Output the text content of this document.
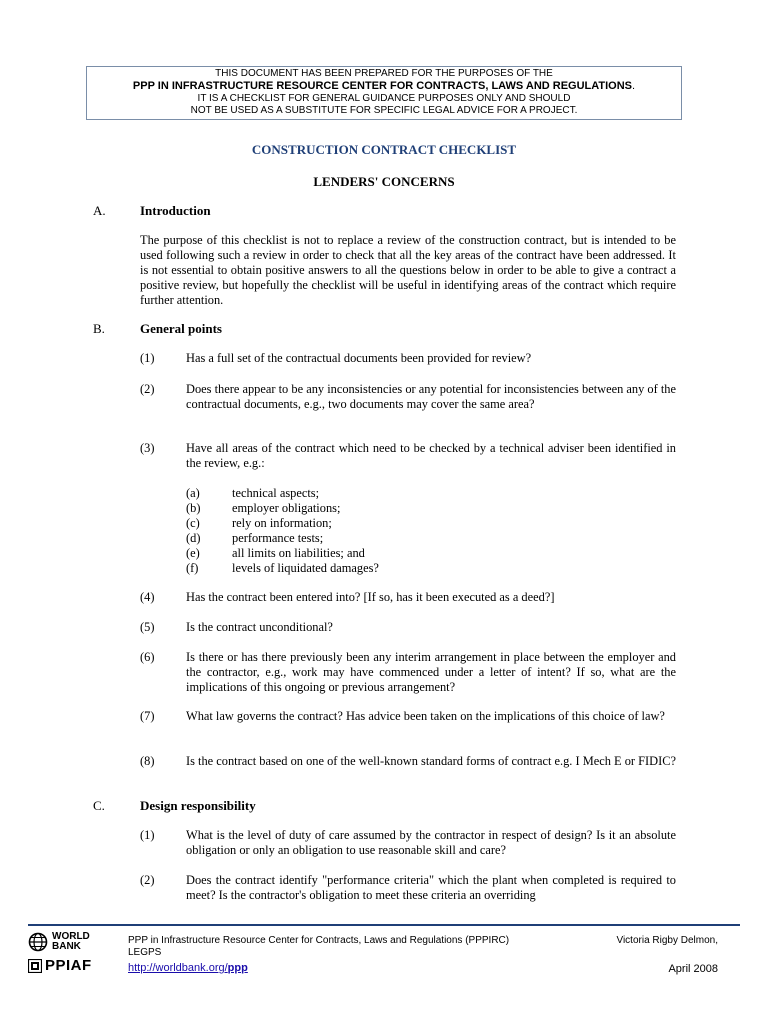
THIS DOCUMENT HAS BEEN PREPARED FOR THE PURPOSES OF THE
PPP IN INFRASTRUCTURE RESOURCE CENTER FOR CONTRACTS, LAWS AND REGULATIONS.
IT IS A CHECKLIST FOR GENERAL GUIDANCE PURPOSES ONLY AND SHOULD
NOT BE USED AS A SUBSTITUTE FOR SPECIFIC LEGAL ADVICE FOR A PROJECT.
CONSTRUCTION CONTRACT CHECKLIST
LENDERS' CONCERNS
A.	Introduction
The purpose of this checklist is not to replace a review of the construction contract, but is intended to be used following such a review in order to check that all the key areas of the contract have been addressed. It is not essential to obtain positive answers to all the questions below in order to be able to give a contract a positive review, but hopefully the checklist will be useful in identifying areas of the contract which require further attention.
B.	General points
(1)	Has a full set of the contractual documents been provided for review?
(2)	Does there appear to be any inconsistencies or any potential for inconsistencies between any of the contractual documents, e.g., two documents may cover the same area?
(3)	Have all areas of the contract which need to be checked by a technical adviser been identified in the review, e.g.:
(a)	technical aspects;
(b)	employer obligations;
(c)	rely on information;
(d)	performance tests;
(e)	all limits on liabilities; and
(f)	levels of liquidated damages?
(4)	Has the contract been entered into? [If so, has it been executed as a deed?]
(5)	Is the contract unconditional?
(6)	Is there or has there previously been any interim arrangement in place between the employer and the contractor, e.g., work may have commenced under a letter of intent? If so, what are the implications of this ongoing or previous arrangement?
(7)	What law governs the contract? Has advice been taken on the implications of this choice of law?
(8)	Is the contract based on one of the well-known standard forms of contract e.g. I Mech E or FIDIC?
C.	Design responsibility
(1)	What is the level of duty of care assumed by the contractor in respect of design? Is it an absolute obligation or only an obligation to use reasonable skill and care?
(2)	Does the contract identify "performance criteria" which the plant when completed is required to meet? Is the contractor's obligation to meet these criteria an overriding
WORLD
BANK
PPIAF
PPP in Infrastructure Resource Center for Contracts, Laws and Regulations (PPPIRC)
LEGPS
http://worldbank.org/ppp
Victoria Rigby Delmon,
April 2008
